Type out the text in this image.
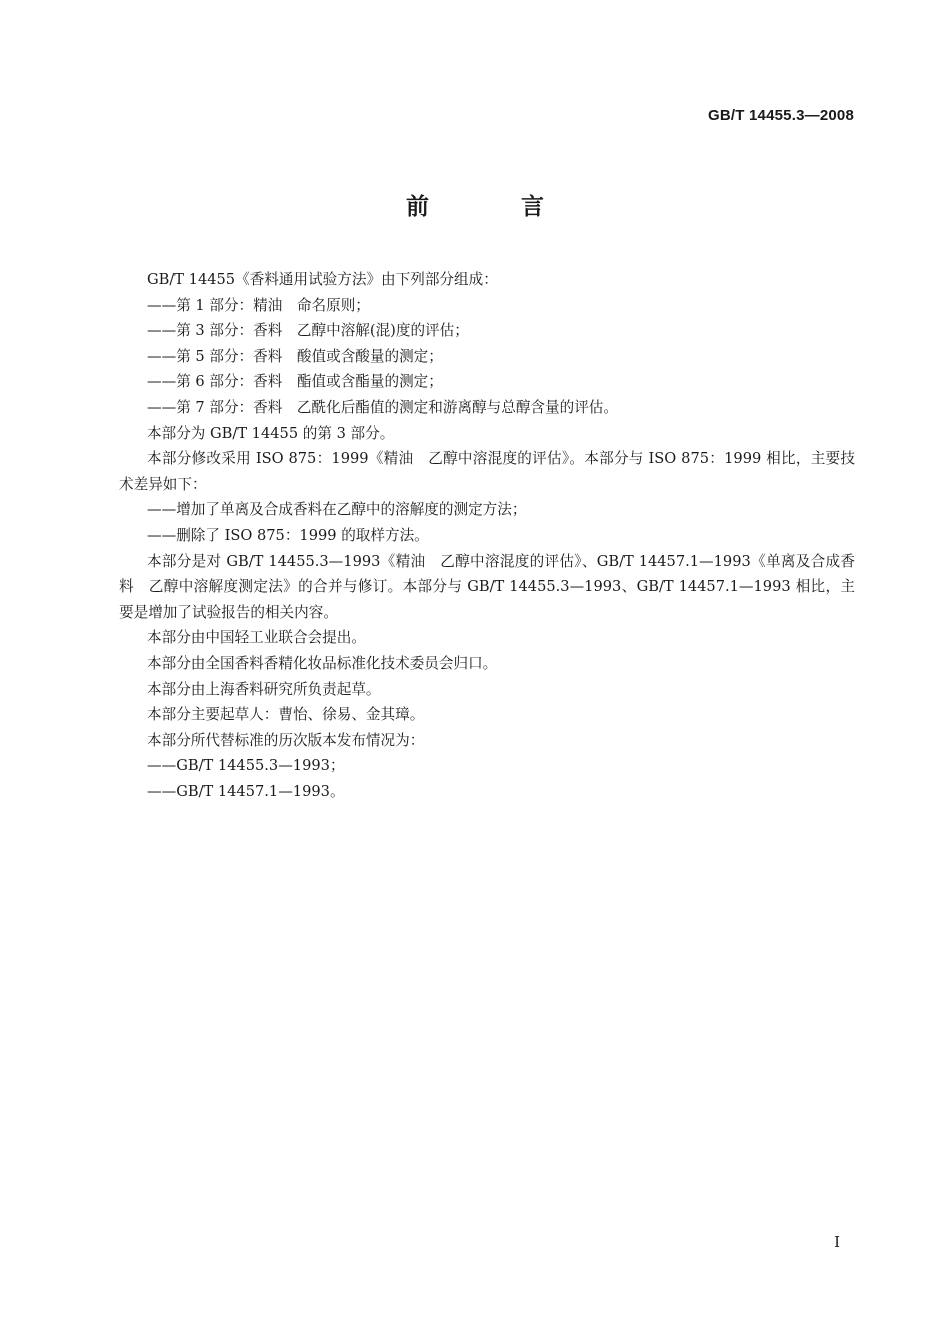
GB/T 14455.3—2008
前 言

GB/T 14455《香料通用试验方法》由下列部分组成：

——第 1 部分：精油　命名原则；

——第 3 部分：香料　乙醇中溶解(混)度的评估；

——第 5 部分：香料　酸值或含酸量的测定；

——第 6 部分：香料　酯值或含酯量的测定；

——第 7 部分：香料　乙酰化后酯值的测定和游离醇与总醇含量的评估。

本部分为 GB/T 14455 的第 3 部分。

本部分修改采用 ISO 875：1999《精油　乙醇中溶混度的评估》。本部分与 ISO 875：1999 相比，主要技术差异如下：

——增加了单离及合成香料在乙醇中的溶解度的测定方法；

——删除了 ISO 875：1999 的取样方法。

本部分是对 GB/T 14455.3—1993《精油　乙醇中溶混度的评估》、GB/T 14457.1—1993《单离及合成香料　乙醇中溶解度测定法》的合并与修订。本部分与 GB/T 14455.3—1993、GB/T 14457.1—1993 相比，主要是增加了试验报告的相关内容。

本部分由中国轻工业联合会提出。

本部分由全国香料香精化妆品标准化技术委员会归口。

本部分由上海香料研究所负责起草。

本部分主要起草人：曹怡、徐易、金其璋。

本部分所代替标准的历次版本发布情况为：

——GB/T 14455.3—1993；

——GB/T 14457.1—1993。

I
